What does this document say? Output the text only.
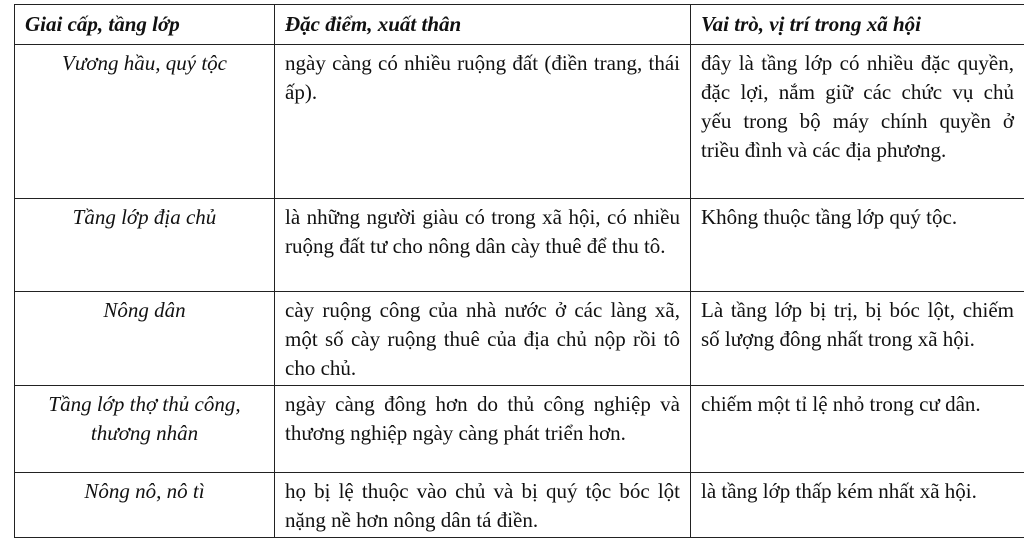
Giai cấp, tầng lớp	Đặc điểm, xuất thân	Vai trò, vị trí trong xã hội
Vương hầu, quý tộc	ngày càng có nhiều ruộng đất (điền trang, thái ấp).	đây là tầng lớp có nhiều đặc quyền, đặc lợi, nắm giữ các chức vụ chủ yếu trong bộ máy chính quyền ở triều đình và các địa phương.
Tầng lớp địa chủ	là những người giàu có trong xã hội, có nhiều ruộng đất tư cho nông dân cày thuê để thu tô.	Không thuộc tầng lớp quý tộc.
Nông dân	cày ruộng công của nhà nước ở các làng xã, một số cày ruộng thuê của địa chủ nộp rồi tô cho chủ.	Là tầng lớp bị trị, bị bóc lột, chiếm số lượng đông nhất trong xã hội.
Tầng lớp thợ thủ công, thương nhân	ngày càng đông hơn do thủ công nghiệp và thương nghiệp ngày càng phát triển hơn.	chiếm một tỉ lệ nhỏ trong cư dân.
Nông nô, nô tì	họ bị lệ thuộc vào chủ và bị quý tộc bóc lột nặng nề hơn nông dân tá điền.	là tầng lớp thấp kém nhất xã hội.
